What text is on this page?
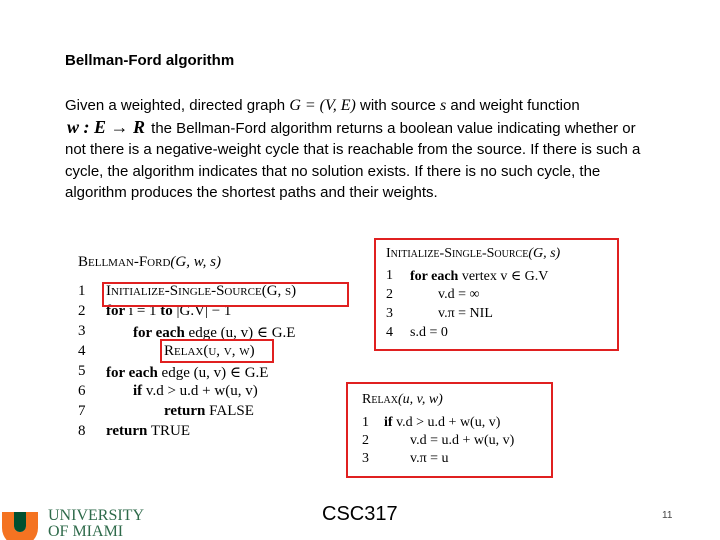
Bellman-Ford algorithm
Given a weighted, directed graph G = (V, E) with source s and weight function
w : E → R the Bellman-Ford algorithm returns a boolean value indicating whether or not there is a negative-weight cycle that is reachable from the source. If there is such a cycle, the algorithm indicates that no solution exists. If there is no such cycle, the algorithm produces the shortest paths and their weights.
Bellman-Ford(G, w, s)
1 Initialize-Single-Source(G, s)
2 for i = 1 to |G.V| − 1
3	for each edge (u, v) ∈ G.E
4	Relax(u, v, w)
5 for each edge (u, v) ∈ G.E
6	if v.d > u.d + w(u, v)
7	return FALSE
8 return TRUE
Initialize-Single-Source(G, s)
1 for each vertex v ∈ G.V
2	v.d = ∞
3	v.π = NIL
4 s.d = 0
Relax(u, v, w)
1 if v.d > u.d + w(u, v)
2	v.d = u.d + w(u, v)
3	v.π = u
UNIVERSITY
OF MIAMI
CSC317	11
